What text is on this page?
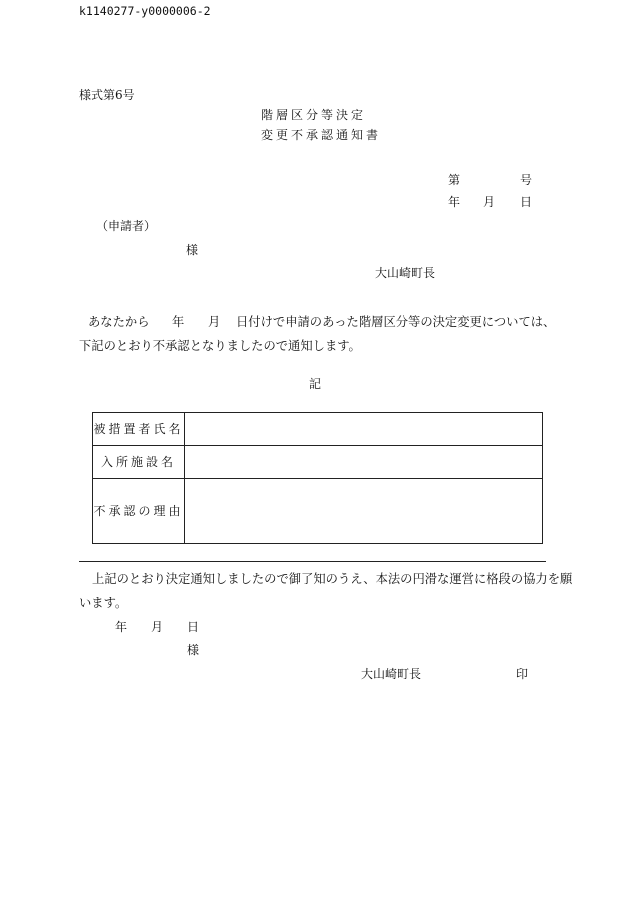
k1140277-y0000006-2
様式第6号
階層区分等決定
変更不承認通知書
第	号
年 月 日
（申請者）
様
大山崎町長
あなたから 年 月 日付けで申請のあった階層区分等の決定変更については、
下記のとおり不承認となりましたので通知します。
記
被措置者氏名	
入所施設名	
不承認の理由	
上記のとおり決定通知しましたので御了知のうえ、本法の円滑な運営に格段の協力を願
います。
年 月 日
様
大山崎町長	印
